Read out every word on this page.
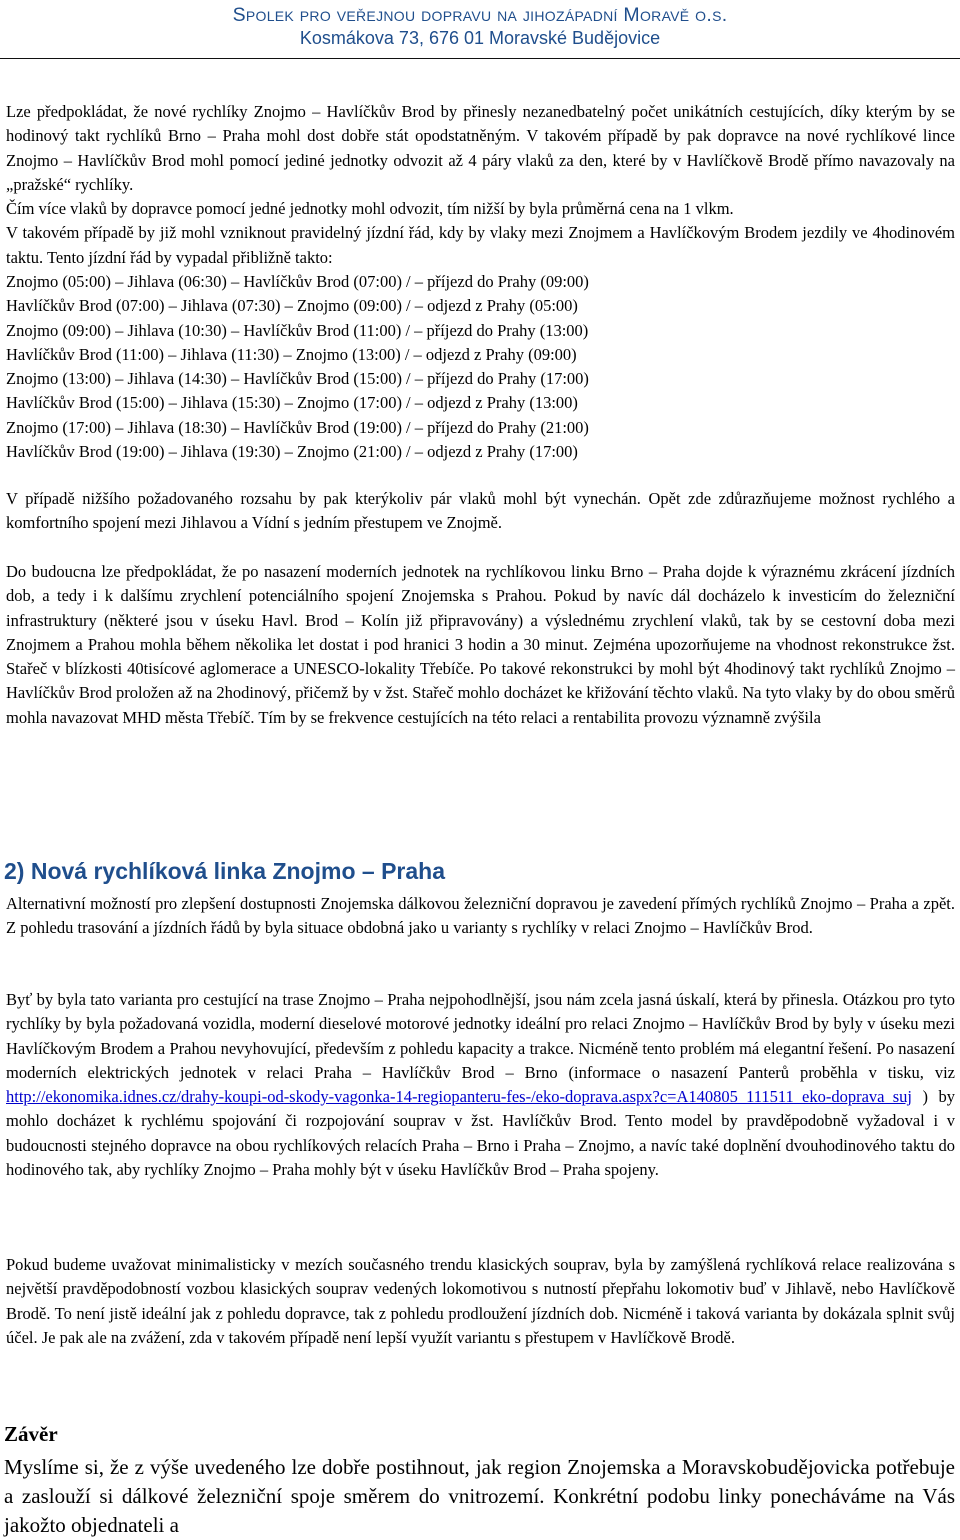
Spolek pro veřejnou dopravu na jihozápadní Moravě o.s.
Kosmákova 73, 676 01 Moravské Budějovice

Lze předpokládat, že nové rychlíky Znojmo – Havlíčkův Brod by přinesly nezanedbatelný počet unikátních cestujících, díky kterým by se hodinový takt rychlíků Brno – Praha mohl dost dobře stát opodstatněným. V takovém případě by pak dopravce na nové rychlíkové lince Znojmo – Havlíčkův Brod mohl pomocí jediné jednotky odvozit až 4 páry vlaků za den, které by v Havlíčkově Brodě přímo navazovaly na „pražské“ rychlíky.

Čím více vlaků by dopravce pomocí jedné jednotky mohl odvozit, tím nižší by byla průměrná cena na 1 vlkm.

V takovém případě by již mohl vzniknout pravidelný jízdní řád, kdy by vlaky mezi Znojmem a Havlíčkovým Brodem jezdily ve 4hodinovém taktu. Tento jízdní řád by vypadal přibližně takto:

Znojmo (05:00) – Jihlava (06:30) – Havlíčkův Brod (07:00) / – příjezd do Prahy (09:00)
Havlíčkův Brod (07:00) – Jihlava (07:30) – Znojmo (09:00) / – odjezd z Prahy (05:00)
Znojmo (09:00) – Jihlava (10:30) – Havlíčkův Brod (11:00) / – příjezd do Prahy (13:00)
Havlíčkův Brod (11:00) – Jihlava (11:30) – Znojmo (13:00) / – odjezd z Prahy (09:00)
Znojmo (13:00) – Jihlava (14:30) – Havlíčkův Brod (15:00) / – příjezd do Prahy (17:00)
Havlíčkův Brod (15:00) – Jihlava (15:30) – Znojmo (17:00) / – odjezd z Prahy (13:00)
Znojmo (17:00) – Jihlava (18:30) – Havlíčkův Brod (19:00) / – příjezd do Prahy (21:00)
Havlíčkův Brod (19:00) – Jihlava (19:30) – Znojmo (21:00) / – odjezd z Prahy (17:00)

V případě nižšího požadovaného rozsahu by pak kterýkoliv pár vlaků mohl být vynechán. Opět zde zdůrazňujeme možnost rychlého a komfortního spojení mezi Jihlavou a Vídní s jedním přestupem ve Znojmě.

Do budoucna lze předpokládat, že po nasazení moderních jednotek na rychlíkovou linku Brno – Praha dojde k výraznému zkrácení jízdních dob, a tedy i k dalšímu zrychlení potenciálního spojení Znojemska s Prahou. Pokud by navíc dál docházelo k investicím do železniční infrastruktury (některé jsou v úseku Havl. Brod – Kolín již připravovány) a výslednému zrychlení vlaků, tak by se cestovní doba mezi Znojmem a Prahou mohla během několika let dostat i pod hranici 3 hodin a 30 minut. Zejména upozorňujeme na vhodnost rekonstrukce žst. Stařeč v blízkosti 40tisícové aglomerace a UNESCO-lokality Třebíče. Po takové rekonstrukci by mohl být 4hodinový takt rychlíků Znojmo – Havlíčkův Brod proložen až na 2hodinový, přičemž by v žst. Stařeč mohlo docházet ke křižování těchto vlaků. Na tyto vlaky by do obou směrů mohla navazovat MHD města Třebíč. Tím by se frekvence cestujících na této relaci a rentabilita provozu významně zvýšila

2) Nová rychlíková linka Znojmo – Praha

Alternativní možností pro zlepšení dostupnosti Znojemska dálkovou železniční dopravou je zavedení přímých rychlíků Znojmo – Praha a zpět. Z pohledu trasování a jízdních řádů by byla situace obdobná jako u varianty s rychlíky v relaci Znojmo – Havlíčkův Brod.

Byť by byla tato varianta pro cestující na trase Znojmo – Praha nejpohodlnější, jsou nám zcela jasná úskalí, která by přinesla. Otázkou pro tyto rychlíky by byla požadovaná vozidla, moderní dieselové motorové jednotky ideální pro relaci Znojmo – Havlíčkův Brod by byly v úseku mezi Havlíčkovým Brodem a Prahou nevyhovující, především z pohledu kapacity a trakce. Nicméně tento problém má elegantní řešení. Po nasazení moderních elektrických jednotek v relaci Praha – Havlíčkův Brod – Brno (informace o nasazení Panterů proběhla v tisku, viz http://ekonomika.idnes.cz/drahy-koupi-od-skody-vagonka-14-regiopanteru-fes-/eko-doprava.aspx?c=A140805_111511_eko-doprava_suj ) by mohlo docházet k rychlému spojování či rozpojování souprav v žst. Havlíčkův Brod. Tento model by pravděpodobně vyžadoval i v budoucnosti stejného dopravce na obou rychlíkových relacích Praha – Brno i Praha – Znojmo, a navíc také doplnění dvouhodinového taktu do hodinového tak, aby rychlíky Znojmo – Praha mohly být v úseku Havlíčkův Brod – Praha spojeny.

Pokud budeme uvažovat minimalisticky v mezích současného trendu klasických souprav, byla by zamýšlená rychlíková relace realizována s největší pravděpodobností vozbou klasických souprav vedených lokomotivou s nutností přepřahu lokomotiv buď v Jihlavě, nebo Havlíčkově Brodě. To není jistě ideální jak z pohledu dopravce, tak z pohledu prodloužení jízdních dob. Nicméně i taková varianta by dokázala splnit svůj účel. Je pak ale na zvážení, zda v takovém případě není lepší využít variantu s přestupem v Havlíčkově Brodě.

Závěr

Myslíme si, že z výše uvedeného lze dobře postihnout, jak region Znojemska a Moravskobudějovicka potřebuje a zaslouží si dálkové železniční spoje směrem do vnitrozemí. Konkrétní podobu linky ponecháváme na Vás jakožto objednateli a
